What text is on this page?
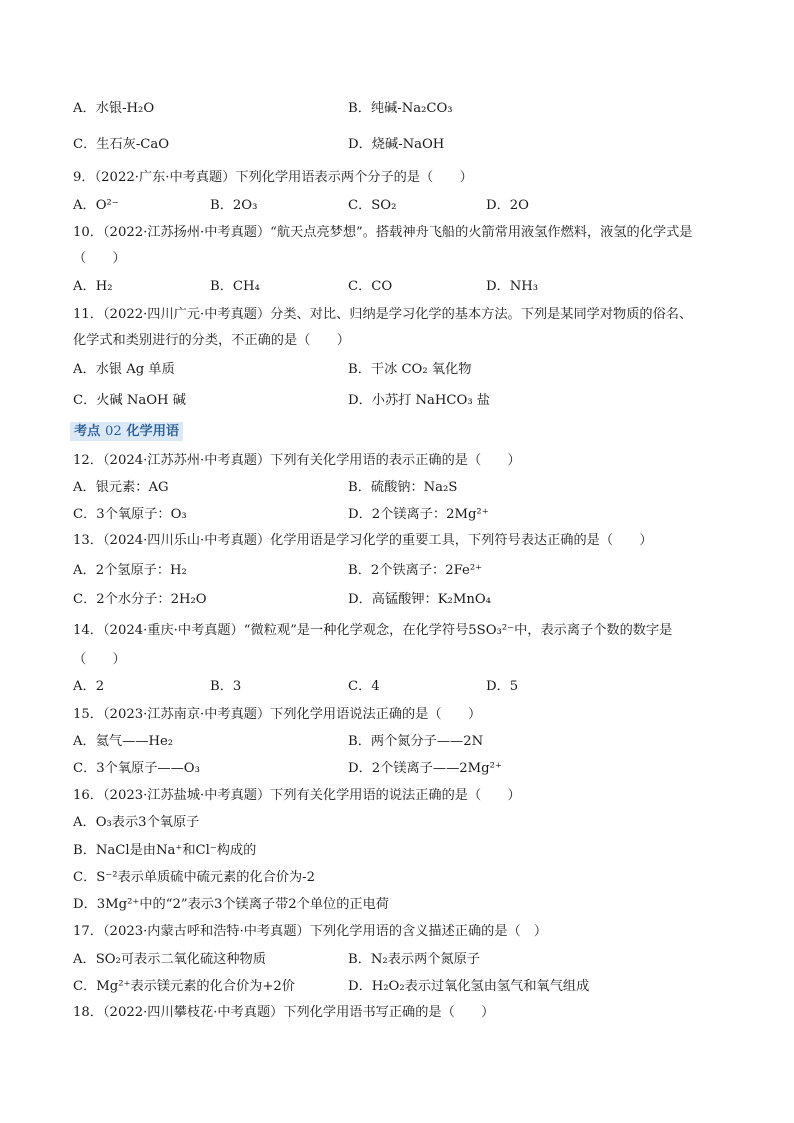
A．水银-H₂O	B．纯碱-Na₂CO₃
C．生石灰-CaO	D．烧碱-NaOH
9．（2022·广东·中考真题）下列化学用语表示两个分子的是（　　）
A．O²⁻	B．2O₃	C．SO₂	D．2O
10．（2022·江苏扬州·中考真题）“航天点亮梦想”。搭载神舟飞船的火箭常用液氢作燃料，液氢的化学式是
（　　）
A．H₂	B．CH₄	C．CO	D．NH₃
11．（2022·四川广元·中考真题）分类、对比、归纳是学习化学的基本方法。下列是某同学对物质的俗名、
化学式和类别进行的分类，不正确的是（　　）
A．水银 Ag 单质	B．干冰 CO₂ 氧化物
C．火碱 NaOH 碱	D．小苏打 NaHCO₃ 盐
考点 02 化学用语
12．（2024·江苏苏州·中考真题）下列有关化学用语的表示正确的是（　　）
A．银元素：AG	B．硫酸钠：Na₂S
C．3个氧原子：O₃	D．2个镁离子：2Mg²⁺
13．（2024·四川乐山·中考真题）化学用语是学习化学的重要工具，下列符号表达正确的是（　　）
A．2个氢原子：H₂	B．2个铁离子：2Fe²⁺
C．2个水分子：2H₂O	D．高锰酸钾：K₂MnO₄
14．（2024·重庆·中考真题）“微粒观”是一种化学观念，在化学符号5SO₃²⁻中，表示离子个数的数字是
（　　）
A．2	B．3	C．4	D．5
15．（2023·江苏南京·中考真题）下列化学用语说法正确的是（　　）
A．氦气——He₂	B．两个氮分子——2N
C．3个氧原子——O₃	D．2个镁离子——2Mg²⁺
16．（2023·江苏盐城·中考真题）下列有关化学用语的说法正确的是（　　）
A．O₃表示3个氧原子
B．NaCl是由Na⁺和Cl⁻构成的
C．S⁻²表示单质硫中硫元素的化合价为-2
D．3Mg²⁺中的“2”表示3个镁离子带2个单位的正电荷
17．（2023·内蒙古呼和浩特·中考真题）下列化学用语的含义描述正确的是（　）
A．SO₂可表示二氧化硫这种物质	B．N₂表示两个氮原子
C．Mg²⁺表示镁元素的化合价为+2价	D．H₂O₂表示过氧化氢由氢气和氧气组成
18．（2022·四川攀枝花·中考真题）下列化学用语书写正确的是（　　）
